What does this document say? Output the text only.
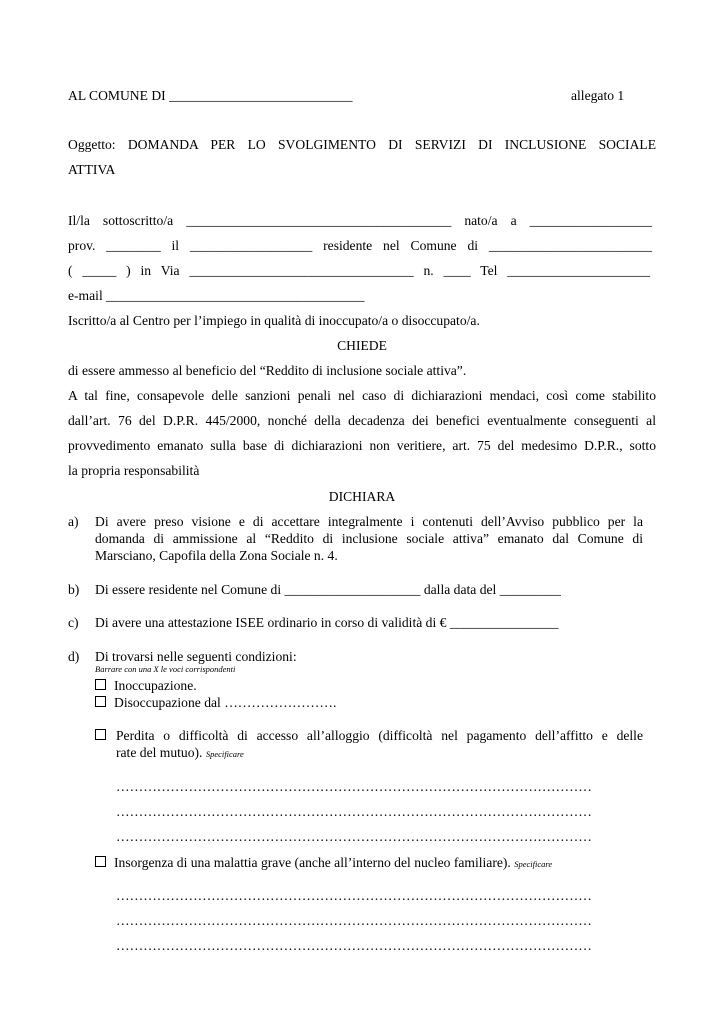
AL COMUNE DI ___________________________	allegato 1
Oggetto: DOMANDA PER LO SVOLGIMENTO DI SERVIZI DI INCLUSIONE SOCIALE
ATTIVA
Il/la sottoscritto/a _______________________________________ nato/a a __________________
prov. ________ il __________________ residente nel Comune di ________________________
( _____ ) in Via _________________________________ n. ____ Tel _____________________
e-mail ______________________________________
Iscritto/a al Centro per l’impiego in qualità di inoccupato/a o disoccupato/a.
CHIEDE
di essere ammesso al beneficio del “Reddito di inclusione sociale attiva”.
A tal fine, consapevole delle sanzioni penali nel caso di dichiarazioni mendaci, così come stabilito
dall’art. 76 del D.P.R. 445/2000, nonché della decadenza dei benefici eventualmente conseguenti al
provvedimento emanato sulla base di dichiarazioni non veritiere, art. 75 del medesimo D.P.R., sotto
la propria responsabilità
DICHIARA
a) Di avere preso visione e di accettare integralmente i contenuti dell’Avviso pubblico per la
domanda di ammissione al “Reddito di inclusione sociale attiva” emanato dal Comune di
Marsciano, Capofila della Zona Sociale n. 4.
b) Di essere residente nel Comune di ____________________ dalla data del _________
c) Di avere una attestazione ISEE ordinario in corso di validità di € ________________
d) Di trovarsi nelle seguenti condizioni:
Barrare con una X le voci corrispondenti
Inoccupazione.
Disoccupazione dal …………………….
Perdita o difficoltà di accesso all’alloggio (difficoltà nel pagamento dell’affitto e delle
rate del mutuo). Specificare
……………………………………………………………………………………………
……………………………………………………………………………………………
……………………………………………………………………………………………
Insorgenza di una malattia grave (anche all’interno del nucleo familiare). Specificare
……………………………………………………………………………………………
……………………………………………………………………………………………
……………………………………………………………………………………………
